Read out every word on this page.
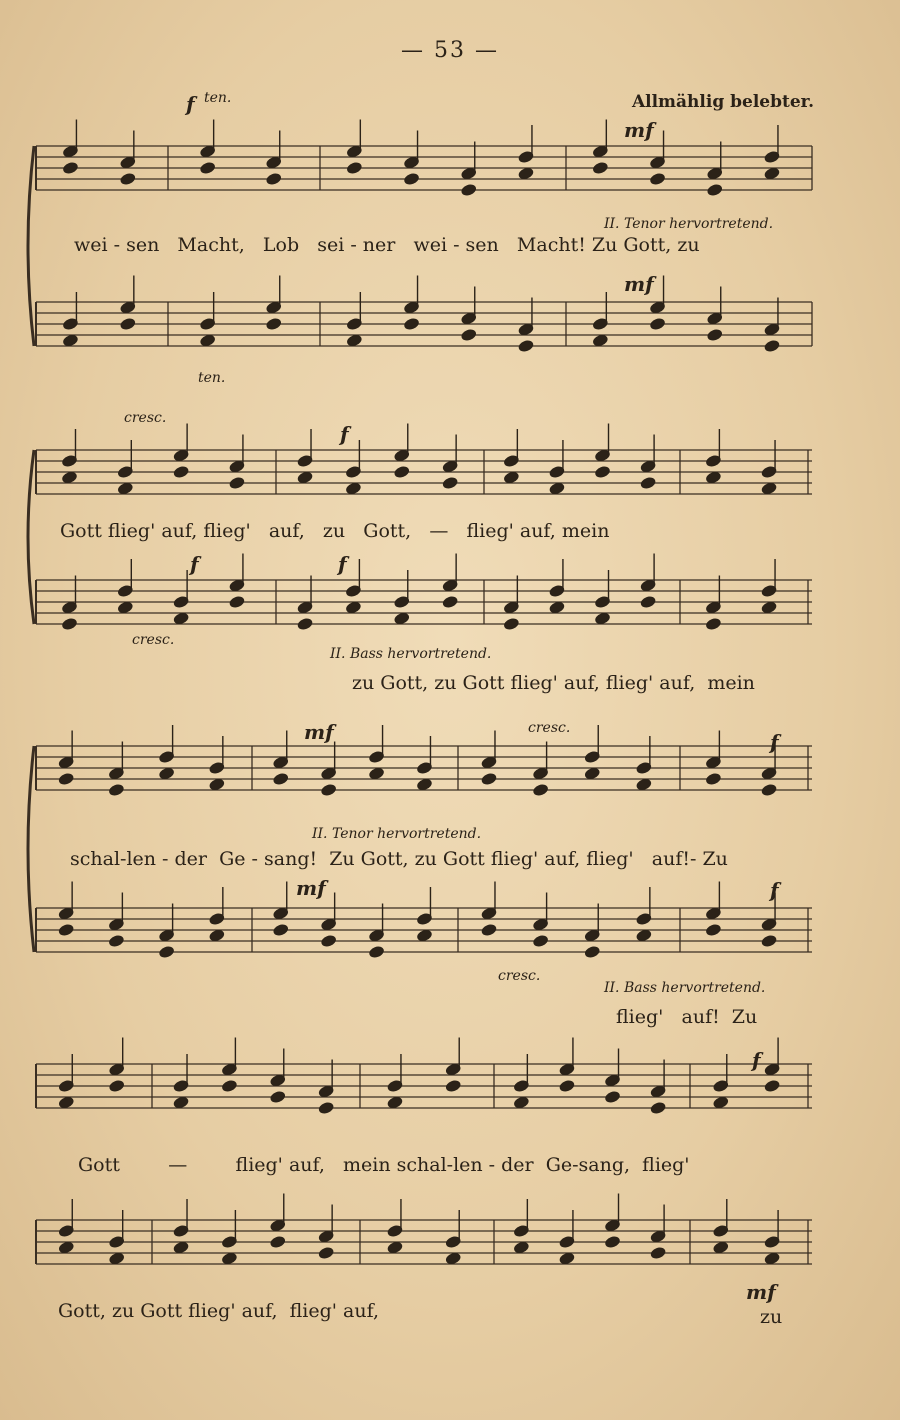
— 53 —
Allmählig belebter.
f ten.
mf
II. Tenor hervortretend.
mf
ten.
cresc.
f
f	f
cresc.
II. Bass hervortretend.
mf	cresc.
f
II. Tenor hervortretend.
mf	f
cresc.
II. Bass hervortretend.
f
mf
wei - sen   Macht,   Lob   sei - ner   wei - sen   Macht! Zu Gott, zu
Gott flieg' auf, flieg'   auf,   zu   Gott,   —   flieg' auf, mein
zu Gott, zu Gott flieg' auf, flieg' auf,  mein
schal-len - der  Ge - sang!  Zu Gott, zu Gott flieg' auf, flieg'   auf!- Zu
flieg'   auf!  Zu
Gott        —        flieg' auf,   mein schal-len - der  Ge-sang,  flieg'
Gott, zu Gott flieg' auf,  flieg' auf,	zu
